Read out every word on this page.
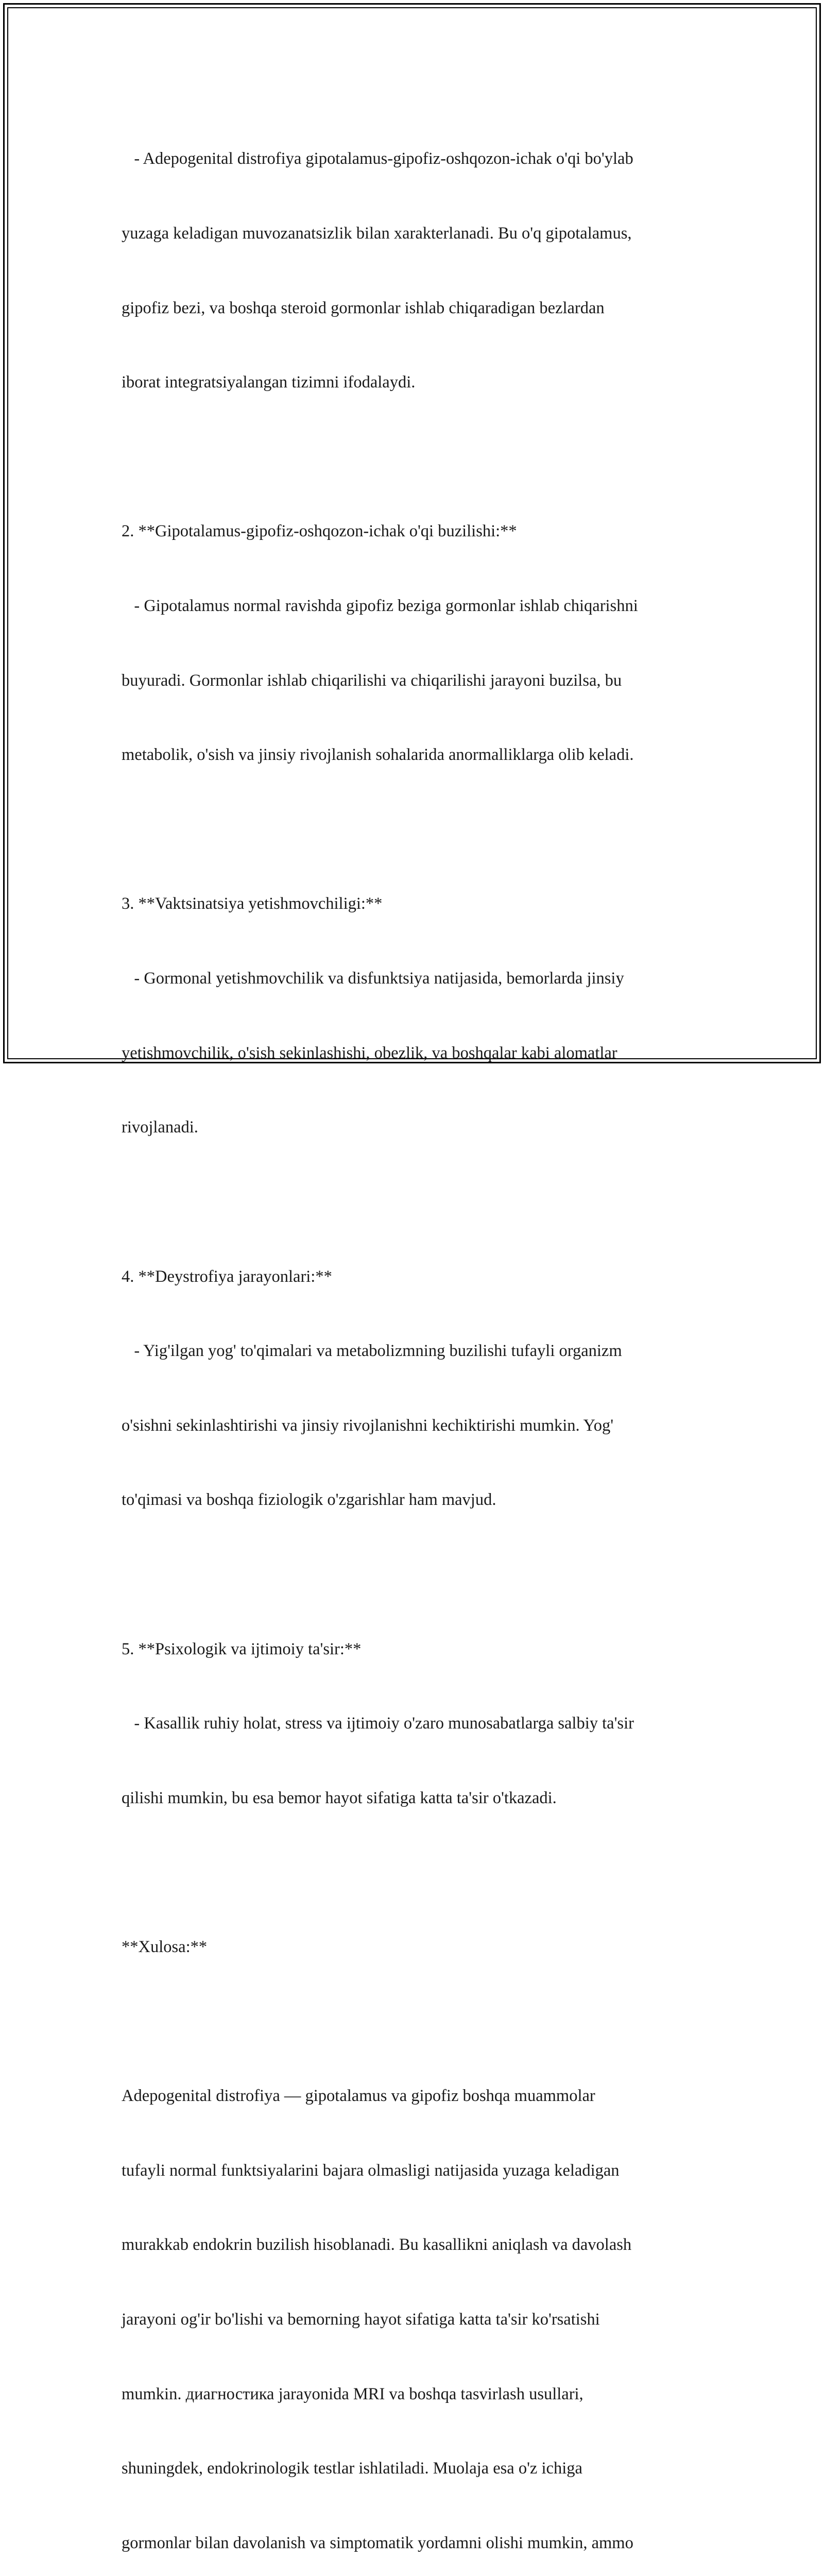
- Adepogenital distrofiya gipotalamus-gipofiz-oshqozon-ichak o'qi bo'ylab

yuzaga keladigan muvozanatsizlik bilan xarakterlanadi. Bu o'q gipotalamus,

gipofiz bezi, va boshqa steroid gormonlar ishlab chiqaradigan bezlardan

iborat integratsiyalangan tizimni ifodalaydi.

2. **Gipotalamus-gipofiz-oshqozon-ichak o'qi buzilishi:**

- Gipotalamus normal ravishda gipofiz beziga gormonlar ishlab chiqarishni

buyuradi. Gormonlar ishlab chiqarilishi va chiqarilishi jarayoni buzilsa, bu

metabolik, o'sish va jinsiy rivojlanish sohalarida anormalliklarga olib keladi.

3. **Vaktsinatsiya yetishmovchiligi:**

- Gormonal yetishmovchilik va disfunktsiya natijasida, bemorlarda jinsiy

yetishmovchilik, o'sish sekinlashishi, obezlik, va boshqalar kabi alomatlar

rivojlanadi.

4. **Deystrofiya jarayonlari:**

- Yig'ilgan yog' to'qimalari va metabolizmning buzilishi tufayli organizm

o'sishni sekinlashtirishi va jinsiy rivojlanishni kechiktirishi mumkin. Yog'

to'qimasi va boshqa fiziologik o'zgarishlar ham mavjud.

5. **Psixologik va ijtimoiy ta'sir:**

- Kasallik ruhiy holat, stress va ijtimoiy o'zaro munosabatlarga salbiy ta'sir

qilishi mumkin, bu esa bemor hayot sifatiga katta ta'sir o'tkazadi.

**Xulosa:**

Adepogenital distrofiya — gipotalamus va gipofiz boshqa muammolar

tufayli normal funktsiyalarini bajara olmasligi natijasida yuzaga keladigan

murakkab endokrin buzilish hisoblanadi. Bu kasallikni aniqlash va davolash

jarayoni og'ir bo'lishi va bemorning hayot sifatiga katta ta'sir ko'rsatishi

mumkin. диагностика jarayonida MRI va boshqa tasvirlash usullari,

shuningdek, endokrinologik testlar ishlatiladi. Muolaja esa o'z ichiga

gormonlar bilan davolanish va simptomatik yordamni olishi mumkin, ammo
